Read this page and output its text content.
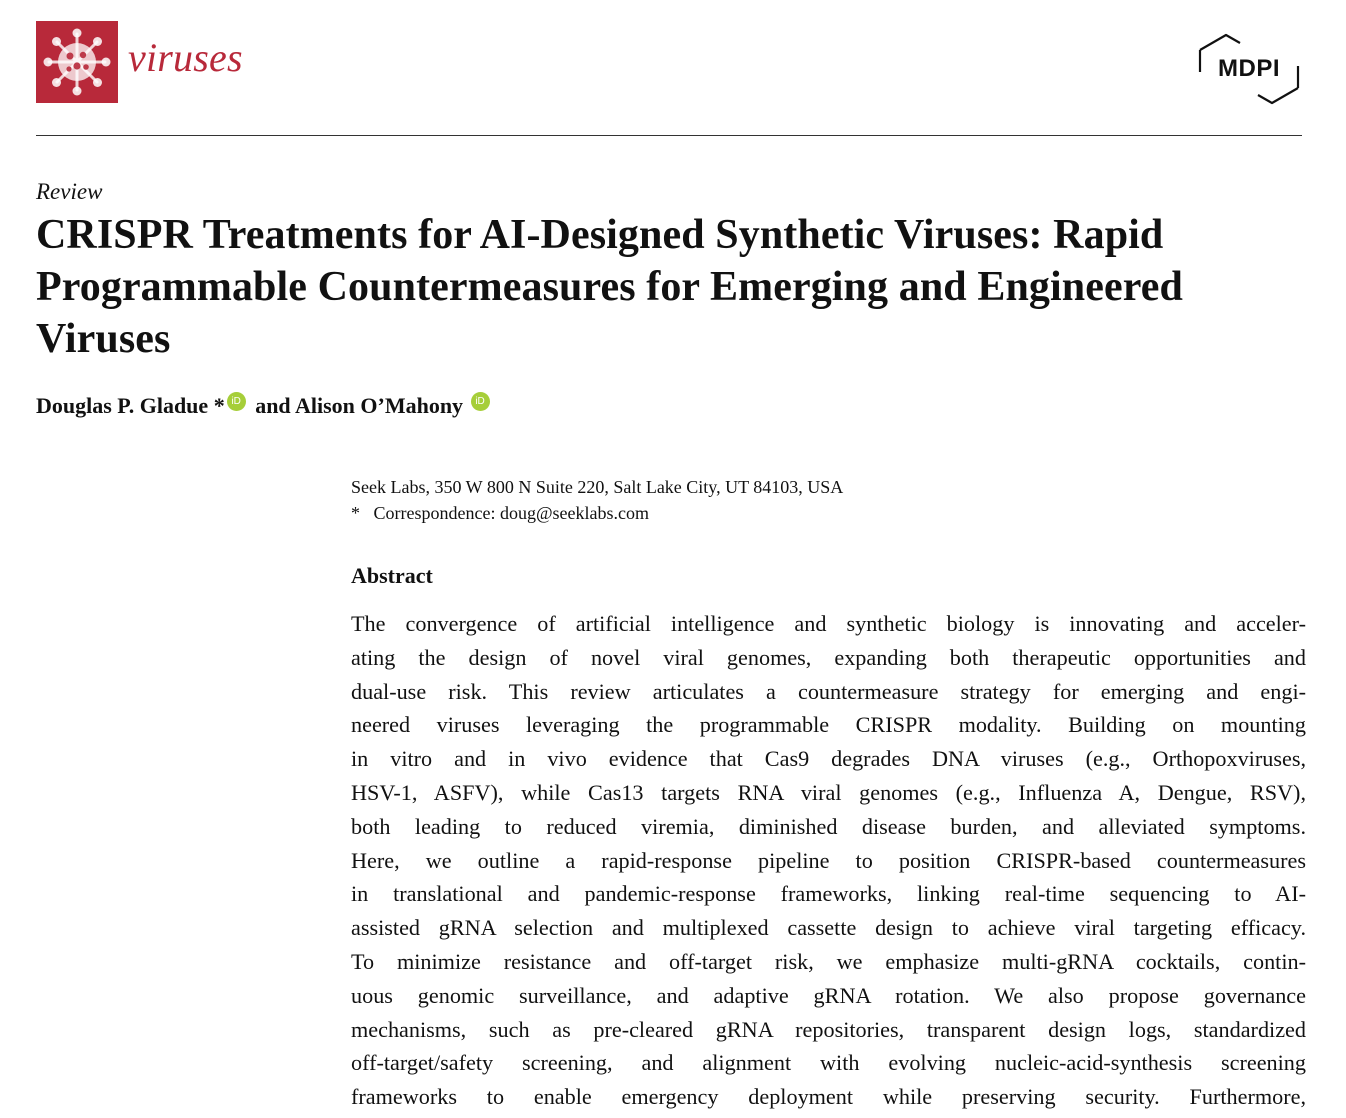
viruses	MDPI
Review
CRISPR Treatments for AI-Designed Synthetic Viruses: Rapid Programmable Countermeasures for Emerging and Engineered Viruses
Douglas P. Gladue * iD and Alison O’Mahony iD
Seek Labs, 350 W 800 N Suite 220, Salt Lake City, UT 84103, USA
* Correspondence: doug@seeklabs.com
Abstract
The convergence of artificial intelligence and synthetic biology is innovating and acceler-
ating the design of novel viral genomes, expanding both therapeutic opportunities and
dual-use risk. This review articulates a countermeasure strategy for emerging and engi-
neered viruses leveraging the programmable CRISPR modality. Building on mounting
in vitro and in vivo evidence that Cas9 degrades DNA viruses (e.g., Orthopoxviruses,
HSV-1, ASFV), while Cas13 targets RNA viral genomes (e.g., Influenza A, Dengue, RSV),
both leading to reduced viremia, diminished disease burden, and alleviated symptoms.
Here, we outline a rapid-response pipeline to position CRISPR-based countermeasures
in translational and pandemic-response frameworks, linking real-time sequencing to AI-
assisted gRNA selection and multiplexed cassette design to achieve viral targeting efficacy.
To minimize resistance and off-target risk, we emphasize multi-gRNA cocktails, contin-
uous genomic surveillance, and adaptive gRNA rotation. We also propose governance
mechanisms, such as pre-cleared gRNA repositories, transparent design logs, standardized
off-target/safety screening, and alignment with evolving nucleic-acid-synthesis screening
frameworks to enable emergency deployment while preserving security. Furthermore,
